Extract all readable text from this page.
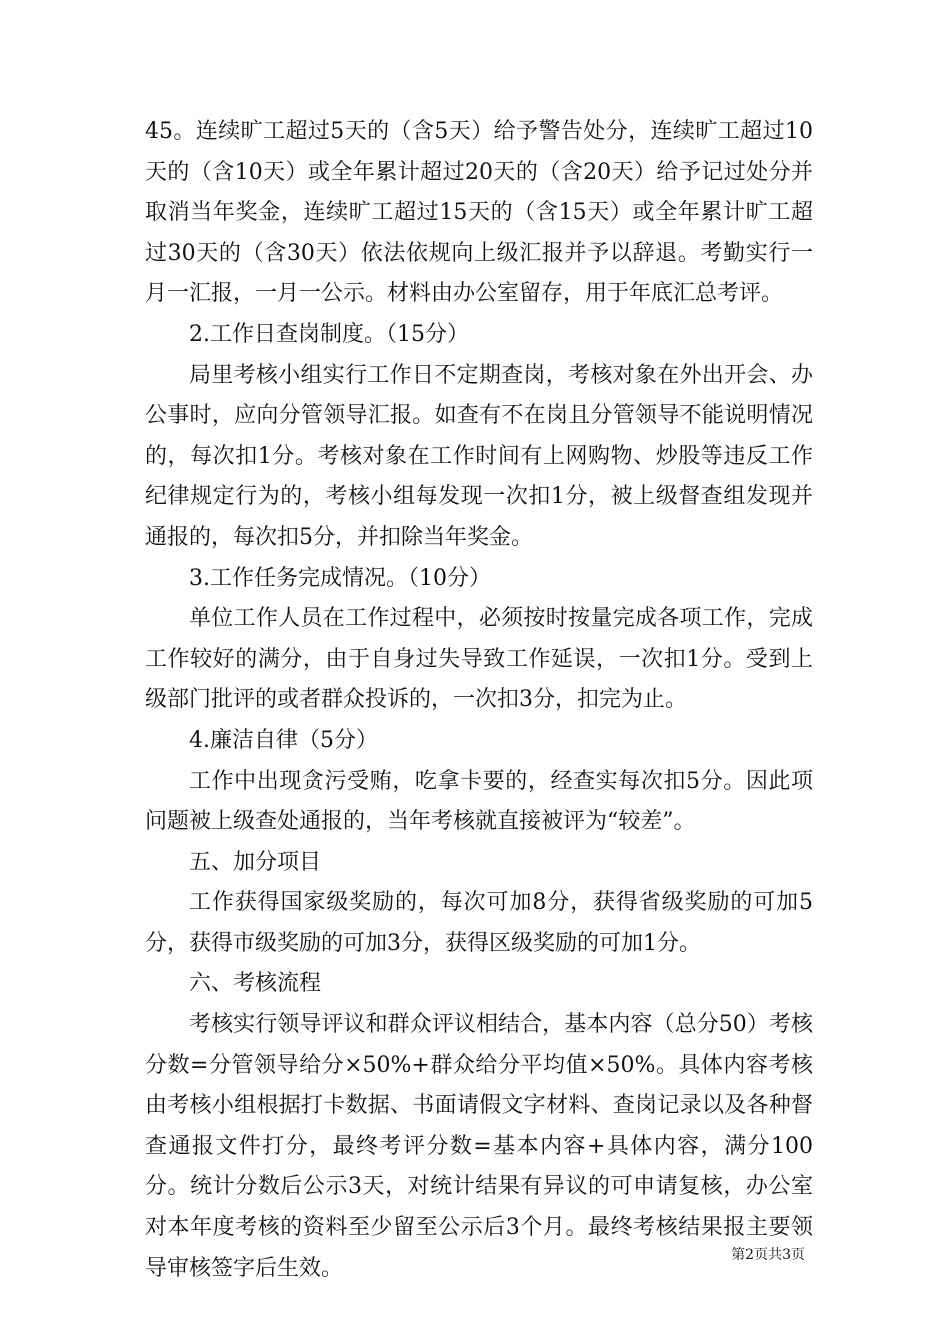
45。连续旷工超过5天的（含5天）给予警告处分，连续旷工超过10天的（含10天）或全年累计超过20天的（含20天）给予记过处分并取消当年奖金，连续旷工超过15天的（含15天）或全年累计旷工超过30天的（含30天）依法依规向上级汇报并予以辞退。考勤实行一月一汇报，一月一公示。材料由办公室留存，用于年底汇总考评。

2.工作日查岗制度。（15分）

局里考核小组实行工作日不定期查岗，考核对象在外出开会、办公事时，应向分管领导汇报。如查有不在岗且分管领导不能说明情况的，每次扣1分。考核对象在工作时间有上网购物、炒股等违反工作纪律规定行为的，考核小组每发现一次扣1分，被上级督查组发现并通报的，每次扣5分，并扣除当年奖金。

3.工作任务完成情况。（10分）

单位工作人员在工作过程中，必须按时按量完成各项工作，完成工作较好的满分，由于自身过失导致工作延误，一次扣1分。受到上级部门批评的或者群众投诉的，一次扣3分，扣完为止。

4.廉洁自律（5分）

工作中出现贪污受贿，吃拿卡要的，经查实每次扣5分。因此项问题被上级查处通报的，当年考核就直接被评为“较差”。

五、加分项目

工作获得国家级奖励的，每次可加8分，获得省级奖励的可加5分，获得市级奖励的可加3分，获得区级奖励的可加1分。

六、考核流程

考核实行领导评议和群众评议相结合，基本内容（总分50）考核分数=分管领导给分×50%+群众给分平均值×50%。具体内容考核由考核小组根据打卡数据、书面请假文字材料、查岗记录以及各种督查通报文件打分，最终考评分数=基本内容+具体内容，满分100分。统计分数后公示3天，对统计结果有异议的可申请复核，办公室对本年度考核的资料至少留至公示后3个月。最终考核结果报主要领导审核签字后生效。

第2页共3页
